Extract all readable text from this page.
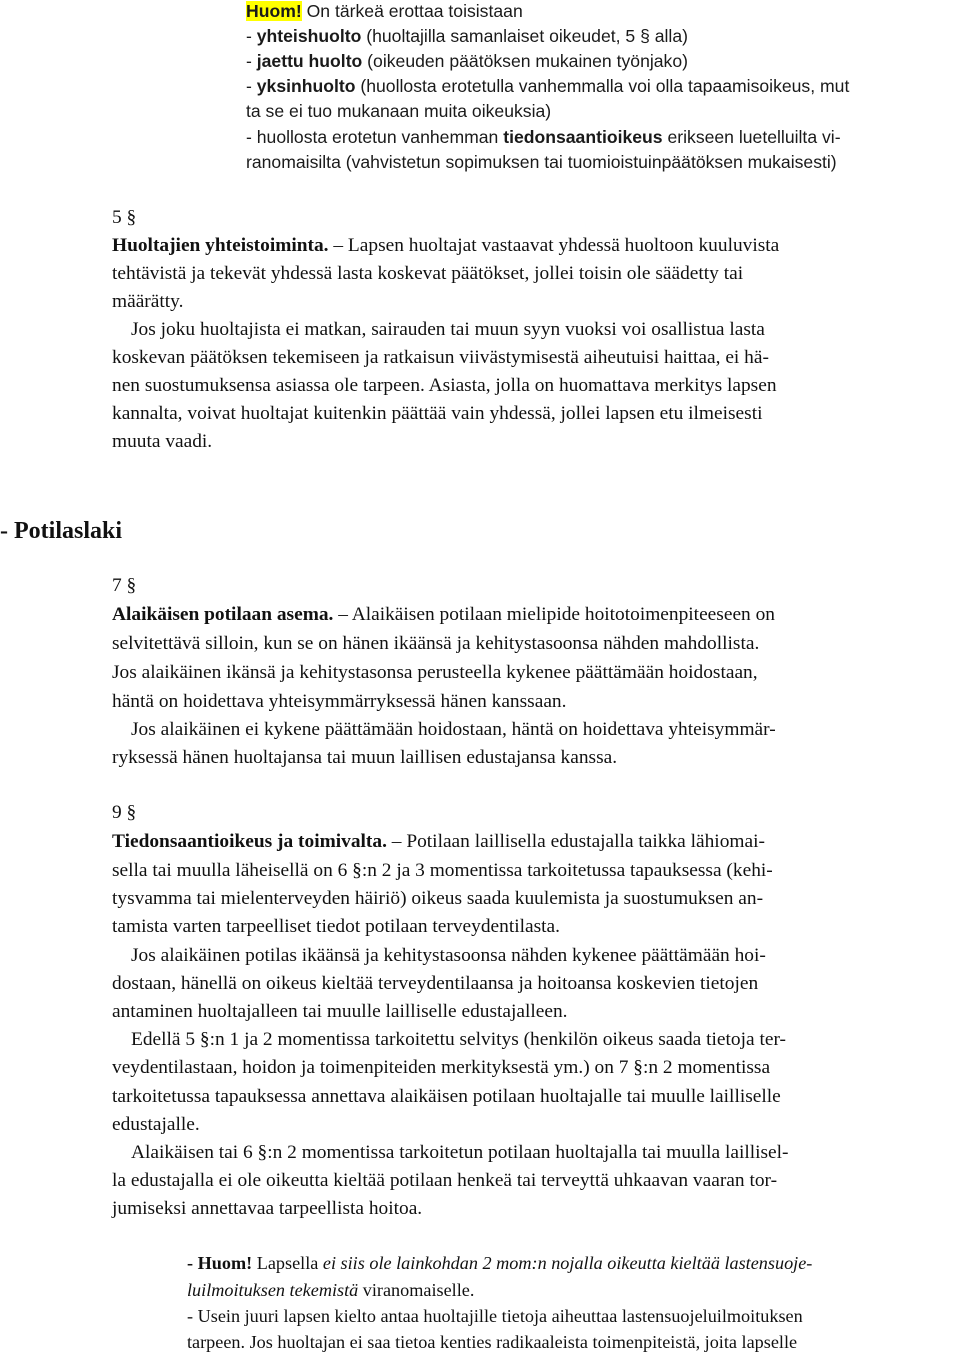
Huom! On tärkeä erottaa toisistaan
- yhteishuolto (huoltajilla samanlaiset oikeudet, 5 § alla)
- jaettu huolto (oikeuden päätöksen mukainen työnjako)
- yksinhuolto (huollosta erotetulla vanhemmalla voi olla tapaamisoikeus, mut
ta se ei tuo mukanaan muita oikeuksia)
- huollosta erotetun vanhemman tiedonsaantioikeus erikseen luetelluilta vi-
ranomaisilta (vahvistetun sopimuksen tai tuomioistuinpäätöksen mukaisesti)
5 §
Huoltajien yhteistoiminta. – Lapsen huoltajat vastaavat yhdessä huoltoon kuuluvista
tehtävistä ja tekevät yhdessä lasta koskevat päätökset, jollei toisin ole säädetty tai
määrätty.
Jos joku huoltajista ei matkan, sairauden tai muun syyn vuoksi voi osallistua lasta
koskevan päätöksen tekemiseen ja ratkaisun viivästymisestä aiheutuisi haittaa, ei hä-
nen suostumuksensa asiassa ole tarpeen. Asiasta, jolla on huomattava merkitys lapsen
kannalta, voivat huoltajat kuitenkin päättää vain yhdessä, jollei lapsen etu ilmeisesti
muuta vaadi.
- Potilaslaki
7 §
Alaikäisen potilaan asema. – Alaikäisen potilaan mielipide hoitotoimenpiteeseen on
selvitettävä silloin, kun se on hänen ikäänsä ja kehitystasoonsa nähden mahdollista.
Jos alaikäinen ikänsä ja kehitystasonsa perusteella kykenee päättämään hoidostaan,
häntä on hoidettava yhteisymmärryksessä hänen kanssaan.
Jos alaikäinen ei kykene päättämään hoidostaan, häntä on hoidettava yhteisymmär-
ryksessä hänen huoltajansa tai muun laillisen edustajansa kanssa.
9 §
Tiedonsaantioikeus ja toimivalta. – Potilaan laillisella edustajalla taikka lähiomai-
sella tai muulla läheisellä on 6 §:n 2 ja 3 momentissa tarkoitetussa tapauksessa (kehi-
tysvamma tai mielenterveyden häiriö) oikeus saada kuulemista ja suostumuksen an-
tamista varten tarpeelliset tiedot potilaan terveydentilasta.
Jos alaikäinen potilas ikäänsä ja kehitystasoonsa nähden kykenee päättämään hoi-
dostaan, hänellä on oikeus kieltää terveydentilaansa ja hoitoansa koskevien tietojen
antaminen huoltajalleen tai muulle lailliselle edustajalleen.
Edellä 5 §:n 1 ja 2 momentissa tarkoitettu selvitys (henkilön oikeus saada tietoja ter-
veydentilastaan, hoidon ja toimenpiteiden merkityksestä ym.) on 7 §:n 2 momentissa
tarkoitetussa tapauksessa annettava alaikäisen potilaan huoltajalle tai muulle lailliselle
edustajalle.
Alaikäisen tai 6 §:n 2 momentissa tarkoitetun potilaan huoltajalla tai muulla laillisel-
la edustajalla ei ole oikeutta kieltää potilaan henkeä tai terveyttä uhkaavan vaaran tor-
jumiseksi annettavaa tarpeellista hoitoa.
- Huom! Lapsella ei siis ole lainkohdan 2 mom:n nojalla oikeutta kieltää lastensuoje-
luilmoituksen tekemistä viranomaiselle.
- Usein juuri lapsen kielto antaa huoltajille tietoja aiheuttaa lastensuojeluilmoituksen
tarpeen. Jos huoltajan ei saa tietoa kenties radikaaleista toimenpiteistä, joita lapselle
